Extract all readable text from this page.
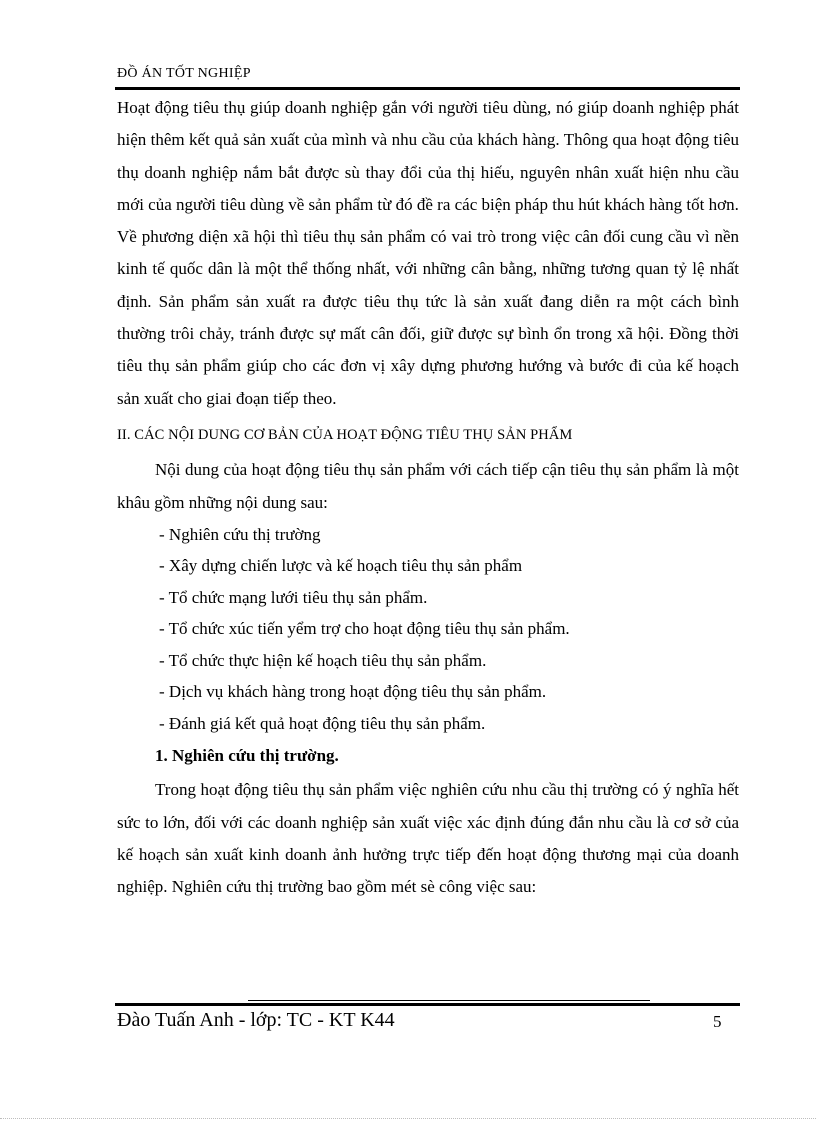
ĐỒ ÁN TỐT NGHIỆP

Hoạt động tiêu thụ giúp doanh nghiệp gắn với người tiêu dùng, nó giúp doanh nghiệp phát hiện thêm kết quả sản xuất của mình và nhu cầu của khách hàng. Thông qua hoạt động tiêu thụ doanh nghiệp nắm bắt được sù thay đổi của thị hiếu, nguyên nhân xuất hiện nhu cầu mới của người tiêu dùng về sản phẩm từ đó đề ra các biện pháp thu hút khách hàng tốt hơn.

Về phương diện xã hội thì tiêu thụ sản phẩm có vai trò trong việc cân đối cung cầu vì nền kinh tế quốc dân là một thể thống nhất, với những cân bằng, những tương quan tỷ lệ nhất định. Sản phẩm sản xuất ra được tiêu thụ tức là sản xuất đang diễn ra một cách bình thường trôi chảy, tránh được sự mất cân đối, giữ được sự bình ổn trong xã hội. Đồng thời tiêu thụ sản phẩm giúp cho các đơn vị xây dựng phương hướng và bước đi của kế hoạch sản xuất cho giai đoạn tiếp theo.

II. CÁC NỘI DUNG CƠ BẢN CỦA HOẠT ĐỘNG TIÊU THỤ SẢN PHẨM

Nội dung của hoạt động tiêu thụ sản phẩm với cách tiếp cận tiêu thụ sản phẩm là một khâu gồm những nội dung sau:

- Nghiên cứu thị trường
- Xây dựng chiến lược và kế hoạch tiêu thụ sản phẩm
- Tổ chức mạng lưới tiêu thụ sản phẩm.
- Tổ chức xúc tiến yểm trợ cho hoạt động tiêu thụ sản phẩm.
- Tổ chức thực hiện kế hoạch tiêu thụ sản phẩm.
- Dịch vụ khách hàng trong hoạt động tiêu thụ sản phẩm.
- Đánh giá kết quả hoạt động tiêu thụ sản phẩm.

1. Nghiên cứu thị trường.

Trong hoạt động tiêu thụ sản phẩm việc nghiên cứu nhu cầu thị trường có ý nghĩa hết sức to lớn, đối với các doanh nghiệp sản xuất việc xác định đúng đắn nhu cầu là cơ sở của kế hoạch sản xuất kinh doanh ảnh hưởng trực tiếp đến hoạt động thương mại của doanh nghiệp. Nghiên cứu thị trường bao gồm mét sè công việc sau:

Đào Tuấn Anh - lớp: TC - KT K44	5
